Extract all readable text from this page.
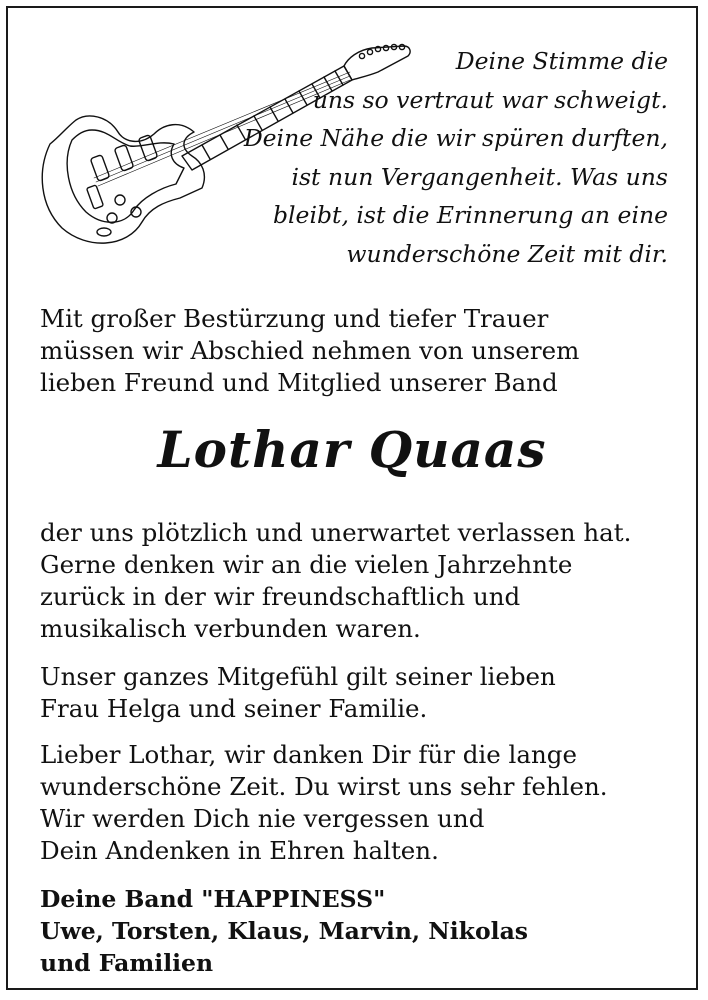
Deine Stimme die
uns so vertraut war schweigt.
Deine Nähe die wir spüren durften,
ist nun Vergangenheit. Was uns
bleibt, ist die Erinnerung an eine
wunderschöne Zeit mit dir.
Mit großer Bestürzung und tiefer Trauer
müssen wir Abschied nehmen von unserem
lieben Freund und Mitglied unserer Band
Lothar Quaas
der uns plötzlich und unerwartet verlassen hat.
Gerne denken wir an die vielen Jahrzehnte
zurück in der wir freundschaftlich und
musikalisch verbunden waren.
Unser ganzes Mitgefühl gilt seiner lieben
Frau Helga und seiner Familie.
Lieber Lothar, wir danken Dir für die lange
wunderschöne Zeit. Du wirst uns sehr fehlen.
Wir werden Dich nie vergessen und
Dein Andenken in Ehren halten.
Deine Band "HAPPINESS"
Uwe, Torsten, Klaus, Marvin, Nikolas
und Familien
